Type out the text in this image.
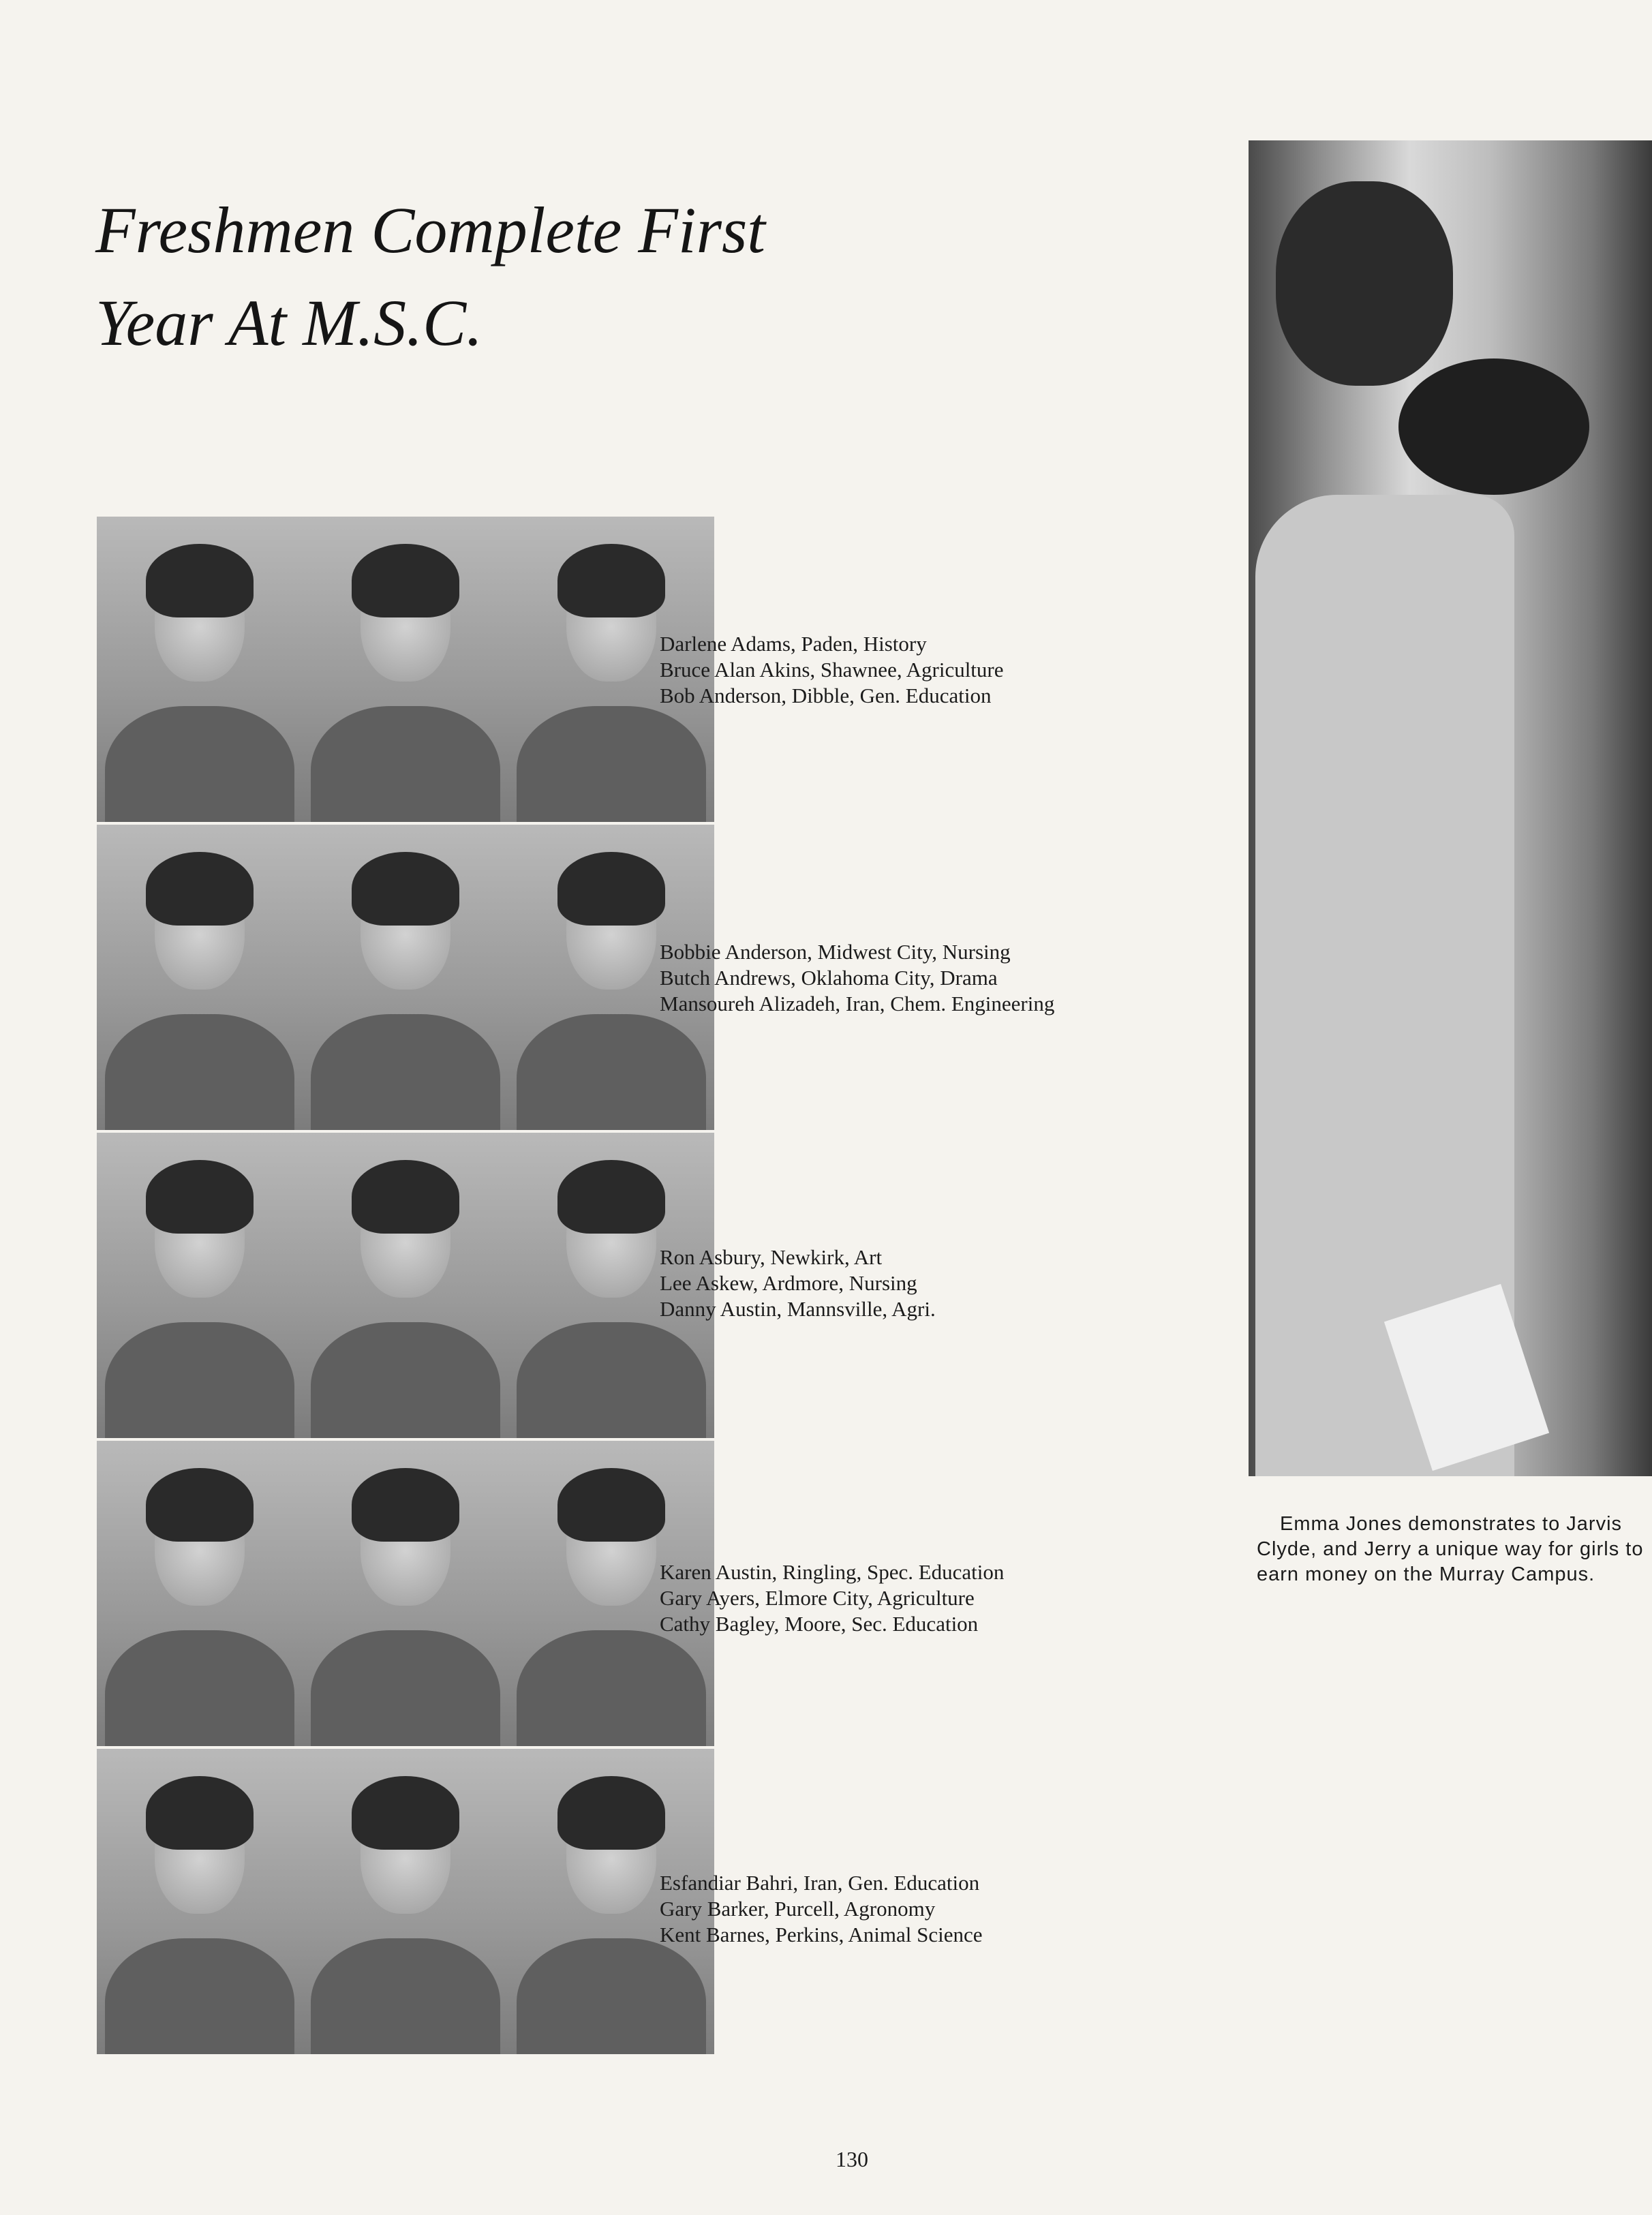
Freshmen Complete First
Year At M.S.C.
Darlene Adams, Paden, History
Bruce Alan Akins, Shawnee, Agriculture
Bob Anderson, Dibble, Gen. Education
Bobbie Anderson, Midwest City, Nursing
Butch Andrews, Oklahoma City, Drama
Mansoureh Alizadeh, Iran, Chem. Engineering
Ron Asbury, Newkirk, Art
Lee Askew, Ardmore, Nursing
Danny Austin, Mannsville, Agri.
Karen Austin, Ringling, Spec. Education
Gary Ayers, Elmore City, Agriculture
Cathy Bagley, Moore, Sec. Education
Esfandiar Bahri, Iran, Gen. Education
Gary Barker, Purcell, Agronomy
Kent Barnes, Perkins, Animal Science
Emma Jones demonstrates to Jarvis
Clyde, and Jerry a unique way for girls to
earn money on the Murray Campus.
130
